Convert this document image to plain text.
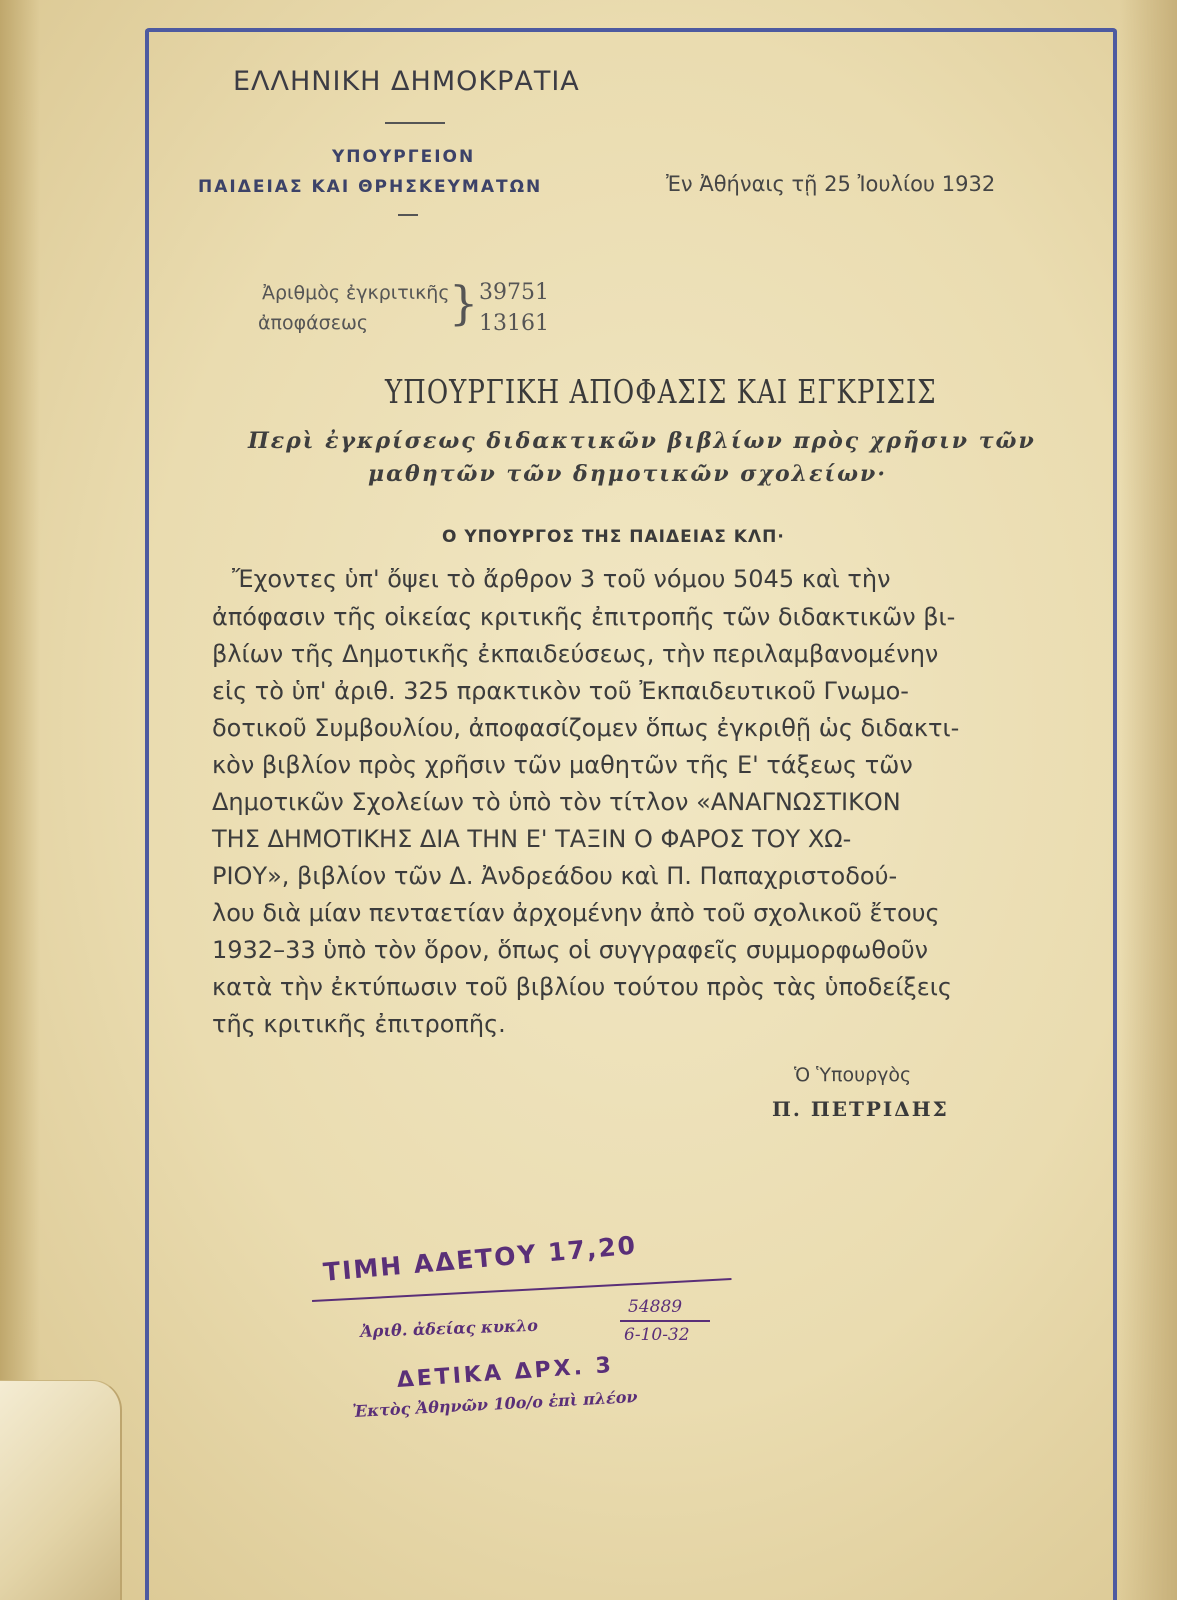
ΕΛΛΗΝΙΚΗ ΔΗΜΟΚΡΑΤΙΑ
ΥΠΟΥΡΓΕΙΟΝ
ΠΑΙΔΕΙΑΣ ΚΑΙ ΘΡΗΣΚΕΥΜΑΤΩΝ	Ἐν Ἀθήναις τῇ 25 Ἰουλίου 1932
Ἀριθμὸς ἐγκριτικῆς
ἀποφάσεως } 39751
13161
ΥΠΟΥΡΓΙΚΗ ΑΠΟΦΑΣΙΣ ΚΑΙ ΕΓΚΡΙΣΙΣ
Περὶ ἐγκρίσεως διδακτικῶν βιβλίων πρὸς χρῆσιν τῶν
μαθητῶν τῶν δημοτικῶν σχολείων·
Ο ΥΠΟΥΡΓΟΣ ΤΗΣ ΠΑΙΔΕΙΑΣ ΚΛΠ·
Ἔχοντες ὑπ' ὄψει τὸ ἄρθρον 3 τοῦ νόμου 5045 καὶ τὴν
ἀπόφασιν τῆς οἰκείας κριτικῆς ἐπιτροπῆς τῶν διδακτικῶν βι-
βλίων τῆς Δημοτικῆς ἐκπαιδεύσεως, τὴν περιλαμβανομένην
εἰς τὸ ὑπ' ἀριθ. 325 πρακτικὸν τοῦ Ἐκπαιδευτικοῦ Γνωμο-
δοτικοῦ Συμβουλίου, ἀποφασίζομεν ὅπως ἐγκριθῇ ὡς διδακτι-
κὸν βιβλίον πρὸς χρῆσιν τῶν μαθητῶν τῆς Ε' τάξεως τῶν
Δημοτικῶν Σχολείων τὸ ὑπὸ τὸν τίτλον «ΑΝΑΓΝΩΣΤΙΚΟΝ
ΤΗΣ ΔΗΜΟΤΙΚΗΣ ΔΙΑ ΤΗΝ Ε' ΤΑΞΙΝ Ο ΦΑΡΟΣ ΤΟΥ ΧΩ-
ΡΙΟΥ», βιβλίον τῶν Δ. Ἀνδρεάδου καὶ Π. Παπαχριστοδού-
λου διὰ μίαν πενταετίαν ἀρχομένην ἀπὸ τοῦ σχολικοῦ ἔτους
1932–33 ὑπὸ τὸν ὅρον, ὅπως οἱ συγγραφεῖς συμμορφωθοῦν
κατὰ τὴν ἐκτύπωσιν τοῦ βιβλίου τούτου πρὸς τὰς ὑποδείξεις
τῆς κριτικῆς ἐπιτροπῆς.
Ὁ Ὑπουργὸς
Π. ΠΕΤΡΙΔΗΣ
ΤΙΜΗ ΑΔΕΤΟΥ 17,20
Ἀριθ. ἀδείας κυκλο
54889
6-10-32
ΔΕΤΙΚΑ ΔΡΧ. 3
Ἐκτὸς Ἀθηνῶν 10o/o ἐπὶ πλέον
